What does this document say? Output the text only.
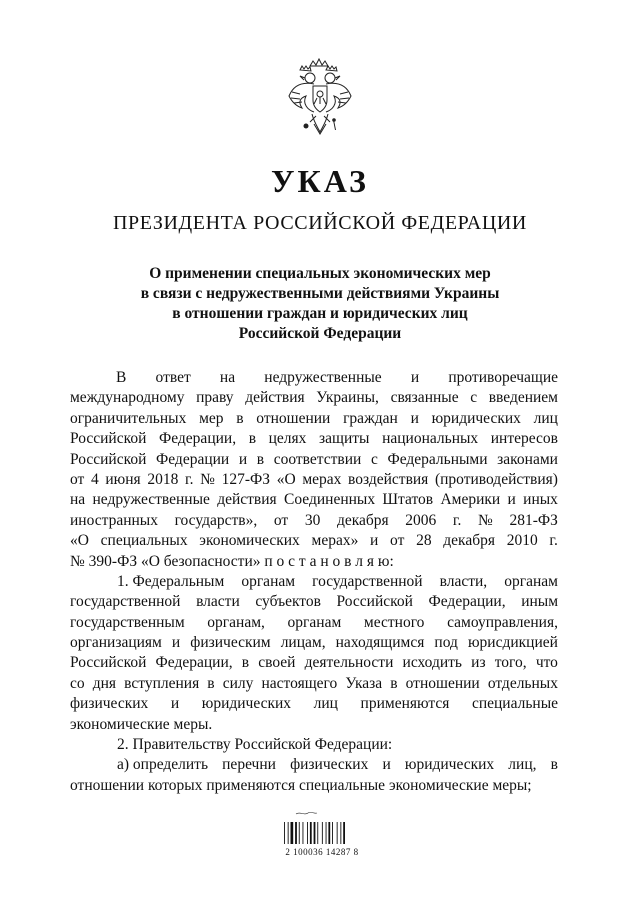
УКАЗ
ПРЕЗИДЕНТА РОССИЙСКОЙ ФЕДЕРАЦИИ
О применении специальных экономических мер
в связи с недружественными действиями Украины
в отношении граждан и юридических лиц
Российской Федерации
В ответ на недружественные и противоречащие
международному праву действия Украины, связанные с введением
ограничительных мер в отношении граждан и юридических лиц
Российской Федерации, в целях защиты национальных интересов
Российской Федерации и в соответствии с Федеральными законами
от 4 июня 2018 г. № 127-ФЗ «О мерах воздействия (противодействия)
на недружественные действия Соединенных Штатов Америки и иных
иностранных государств», от 30 декабря 2006 г. № 281-ФЗ
«О специальных экономических мерах» и от 28 декабря 2010 г.
№ 390-ФЗ «О безопасности» п о с т а н о в л я ю:
1. Федеральным органам государственной власти, органам
государственной власти субъектов Российской Федерации, иным
государственным органам, органам местного самоуправления,
организациям и физическим лицам, находящимся под юрисдикцией
Российской Федерации, в своей деятельности исходить из того, что
со дня вступления в силу настоящего Указа в отношении отдельных
физических и юридических лиц применяются специальные
экономические меры.
2. Правительству Российской Федерации:
а) определить перечни физических и юридических лиц, в
отношении которых применяются специальные экономические меры;
2 100036 14287 8
